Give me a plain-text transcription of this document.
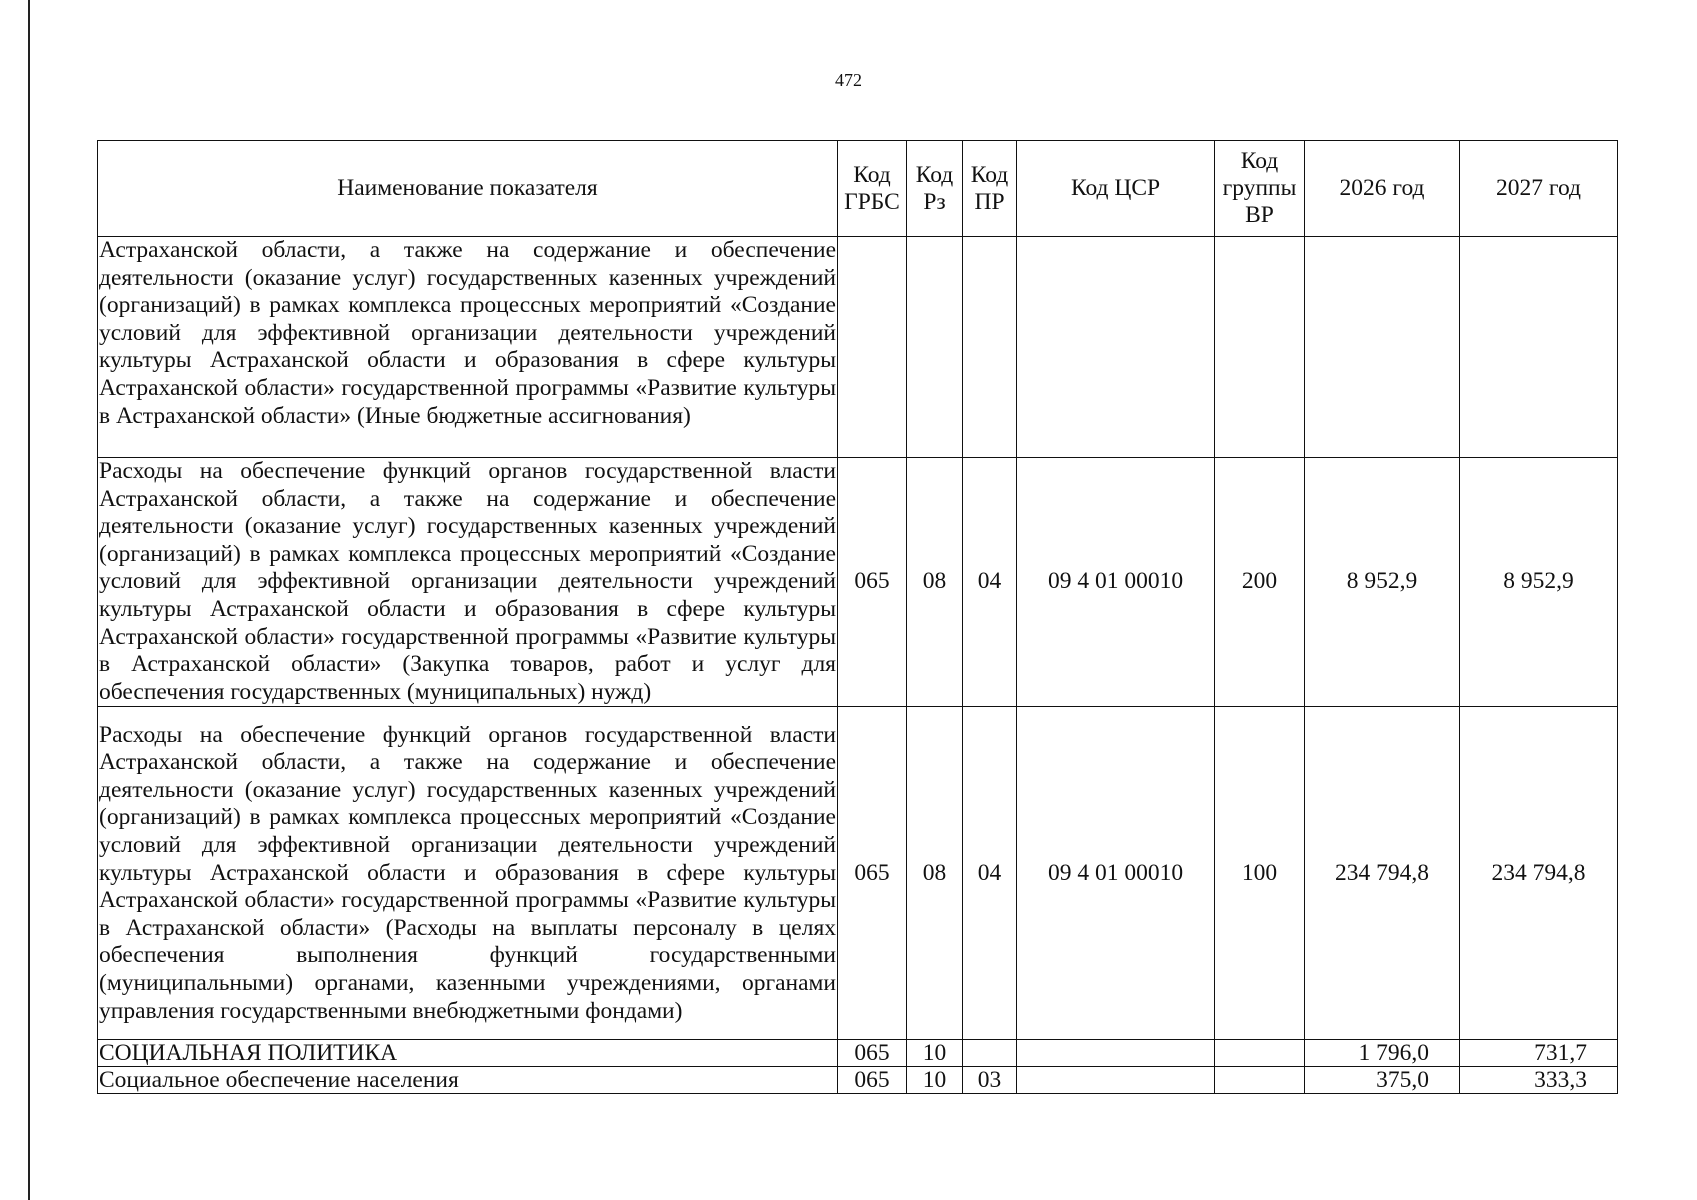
472
Наименование показателя	Код ГРБС	Код Рз	Код ПР	Код ЦСР	Код группы ВР	2026 год	2027 год
Астраханской области, а также на содержание и обеспечение деятельности (оказание услуг) государственных казенных учреждений (организаций) в рамках комплекса процессных мероприятий «Создание условий для эффективной организации деятельности учреждений культуры Астраханской области и образования в сфере культуры Астраханской области» государственной программы «Развитие культуры в Астраханской области» (Иные бюджетные ассигнования)							
Расходы на обеспечение функций органов государственной власти Астраханской области, а также на содержание и обеспечение деятельности (оказание услуг) государственных казенных учреждений (организаций) в рамках комплекса процессных мероприятий «Создание условий для эффективной организации деятельности учреждений культуры Астраханской области и образования в сфере культуры Астраханской области» государственной программы «Развитие культуры в Астраханской области» (Закупка товаров, работ и услуг для обеспечения государственных (муниципальных) нужд)	065	08	04	09 4 01 00010	200	8 952,9	8 952,9
Расходы на обеспечение функций органов государственной власти Астраханской области, а также на содержание и обеспечение деятельности (оказание услуг) государственных казенных учреждений (организаций) в рамках комплекса процессных мероприятий «Создание условий для эффективной организации деятельности учреждений культуры Астраханской области и образования в сфере культуры Астраханской области» государственной программы «Развитие культуры в Астраханской области» (Расходы на выплаты персоналу в целях обеспечения выполнения функций государственными (муниципальными) органами, казенными учреждениями, органами управления государственными внебюджетными фондами)	065	08	04	09 4 01 00010	100	234 794,8	234 794,8
СОЦИАЛЬНАЯ ПОЛИТИКА	065	10				1 796,0	731,7
Социальное обеспечение населения	065	10	03			375,0	333,3
